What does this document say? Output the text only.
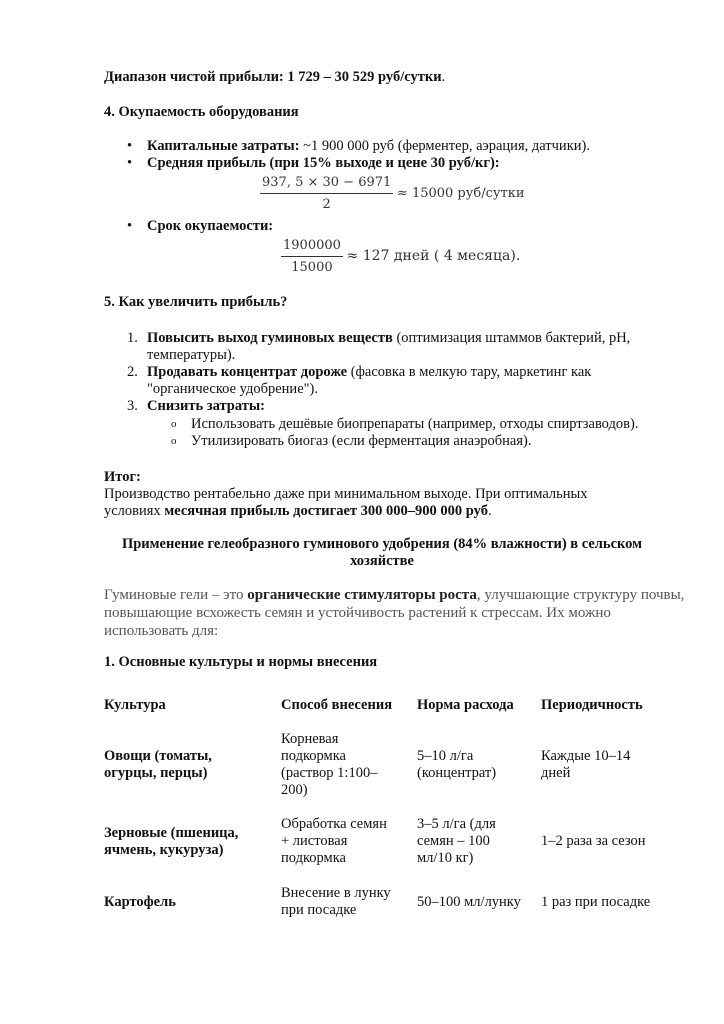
Диапазон чистой прибыли: 1 729 – 30 529 руб/сутки.
4. Окупаемость оборудования
• Капитальные затраты: ~1 900 000 руб (ферментер, аэрация, датчики).
• Средняя прибыль (при 15% выходе и цене 30 руб/кг):
$\frac{937, 5 \times 30 - 6971}{2} \approx 15000$ руб/сутки
• Срок окупаемости:
$\frac{1900000}{15000} \approx 127$ дней ( 4 месяца).
5. Как увеличить прибыль?
1. Повысить выход гуминовых веществ (оптимизация штаммов бактерий, pH,
температуры).
2. Продавать концентрат дороже (фасовка в мелкую тару, маркетинг как
"органическое удобрение").
3. Снизить затраты:
o Использовать дешёвые биопрепараты (например, отходы спиртзаводов).
o Утилизировать биогаз (если ферментация анаэробная).
Итог:
Производство рентабельно даже при минимальном выходе. При оптимальных
условиях месячная прибыль достигает 300 000–900 000 руб.
Применение гелеобразного гуминового удобрения (84% влажности) в сельском
хозяйстве
Гуминовые гели – это органические стимуляторы роста, улучшающие структуру почвы,
повышающие всхожесть семян и устойчивость растений к стрессам. Их можно
использовать для:
1. Основные культуры и нормы внесения
Культура	Способ внесения Норма расхода Периодичность
Овощи (томаты,
огурцы, перцы)
Корневая
подкормка
(раствор 1:100–
200)
5–10 л/га
(концентрат)
Каждые 10–14
дней
Зерновые (пшеница,
ячмень, кукуруза)
Обработка семян
+ листовая
подкормка
3–5 л/га (для
семян – 100
мл/10 кг)
1–2 раза за сезон
Картофель
Внесение в лунку
при посадке	50–100 мл/лунку 1 раз при посадке
